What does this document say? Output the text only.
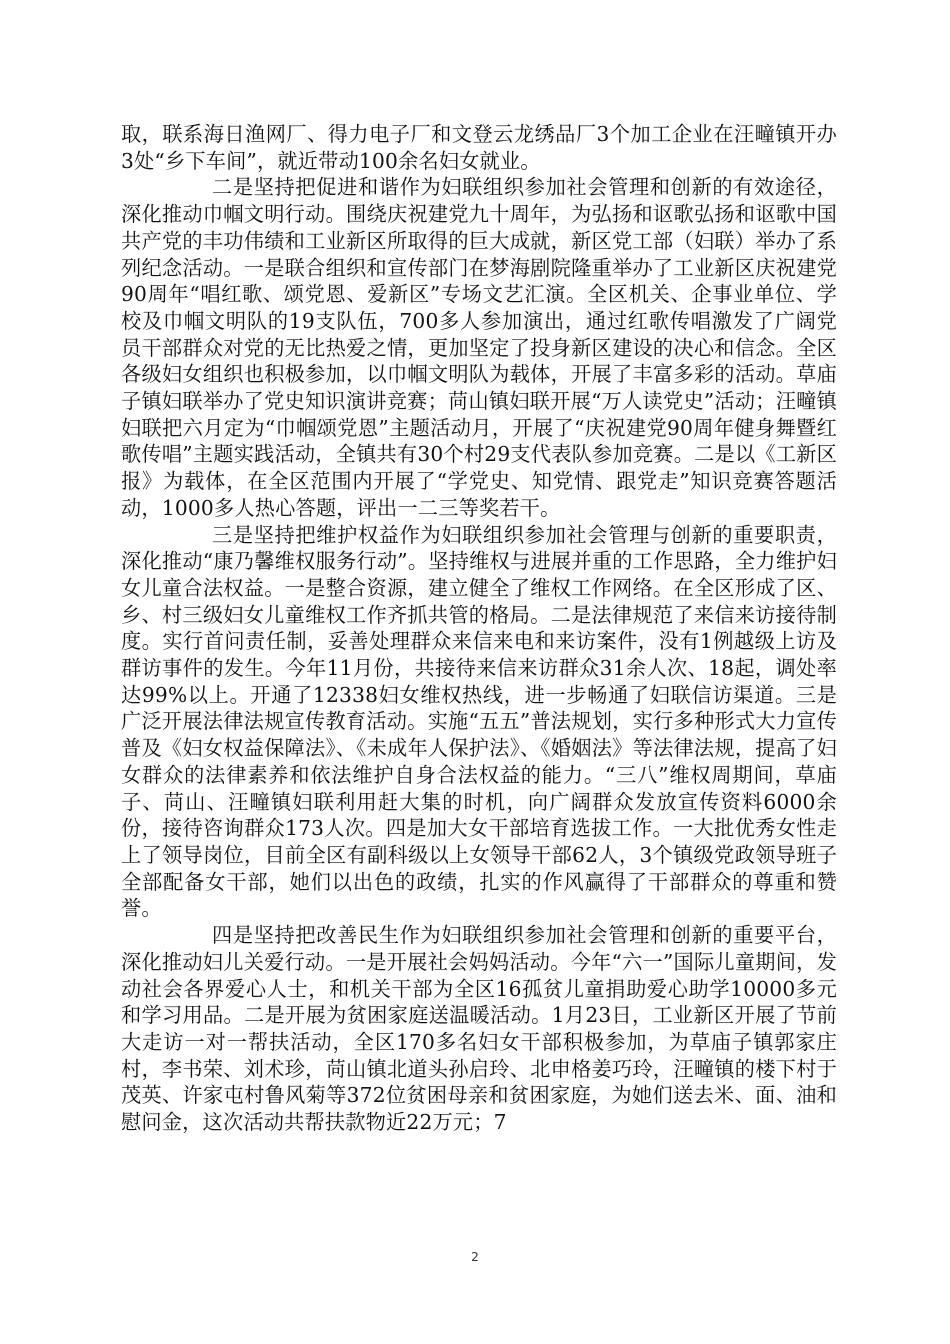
取，联系海日渔网厂、得力电子厂和文登云龙绣品厂3个加工企业在汪疃镇开办3处“乡下车间”，就近带动100余名妇女就业。

二是坚持把促进和谐作为妇联组织参加社会管理和创新的有效途径，深化推动巾帼文明行动。围绕庆祝建党九十周年，为弘扬和讴歌弘扬和讴歌中国共产党的丰功伟绩和工业新区所取得的巨大成就，新区党工部（妇联）举办了系列纪念活动。一是联合组织和宣传部门在梦海剧院隆重举办了工业新区庆祝建党90周年“唱红歌、颂党恩、爱新区”专场文艺汇演。全区机关、企事业单位、学校及巾帼文明队的19支队伍，700多人参加演出，通过红歌传唱激发了广阔党员干部群众对党的无比热爱之情，更加坚定了投身新区建设的决心和信念。全区各级妇女组织也积极参加，以巾帼文明队为载体，开展了丰富多彩的活动。草庙子镇妇联举办了党史知识演讲竞赛；苘山镇妇联开展“万人读党史”活动；汪疃镇妇联把六月定为“巾帼颂党恩”主题活动月，开展了“庆祝建党90周年健身舞暨红歌传唱”主题实践活动，全镇共有30个村29支代表队参加竞赛。二是以《工新区报》为载体，在全区范围内开展了“学党史、知党情、跟党走”知识竞赛答题活动，1000多人热心答题，评出一二三等奖若干。

三是坚持把维护权益作为妇联组织参加社会管理与创新的重要职责，深化推动“康乃馨维权服务行动”。坚持维权与进展并重的工作思路，全力维护妇女儿童合法权益。一是整合资源，建立健全了维权工作网络。在全区形成了区、乡、村三级妇女儿童维权工作齐抓共管的格局。二是法律规范了来信来访接待制度。实行首问责任制，妥善处理群众来信来电和来访案件，没有1例越级上访及群访事件的发生。今年11月份，共接待来信来访群众31余人次、18起，调处率达99%以上。开通了12338妇女维权热线，进一步畅通了妇联信访渠道。三是广泛开展法律法规宣传教育活动。实施“五五”普法规划，实行多种形式大力宣传普及《妇女权益保障法》、《未成年人保护法》、《婚姻法》等法律法规，提高了妇女群众的法律素养和依法维护自身合法权益的能力。“三八”维权周期间，草庙子、苘山、汪疃镇妇联利用赶大集的时机，向广阔群众发放宣传资料6000余份，接待咨询群众173人次。四是加大女干部培育选拔工作。一大批优秀女性走上了领导岗位，目前全区有副科级以上女领导干部62人，3个镇级党政领导班子全部配备女干部，她们以出色的政绩，扎实的作风赢得了干部群众的尊重和赞誉。

四是坚持把改善民生作为妇联组织参加社会管理和创新的重要平台，深化推动妇儿关爱行动。一是开展社会妈妈活动。今年“六一”国际儿童期间，发动社会各界爱心人士，和机关干部为全区16孤贫儿童捐助爱心助学10000多元和学习用品。二是开展为贫困家庭送温暖活动。1月23日，工业新区开展了节前大走访一对一帮扶活动，全区170多名妇女干部积极参加，为草庙子镇郭家庄村，李书荣、刘术珍，苘山镇北道头孙启玲、北申格姜巧玲，汪疃镇的楼下村于茂英、许家屯村鲁风菊等372位贫困母亲和贫困家庭，为她们送去米、面、油和慰问金，这次活动共帮扶款物近22万元；7

2
